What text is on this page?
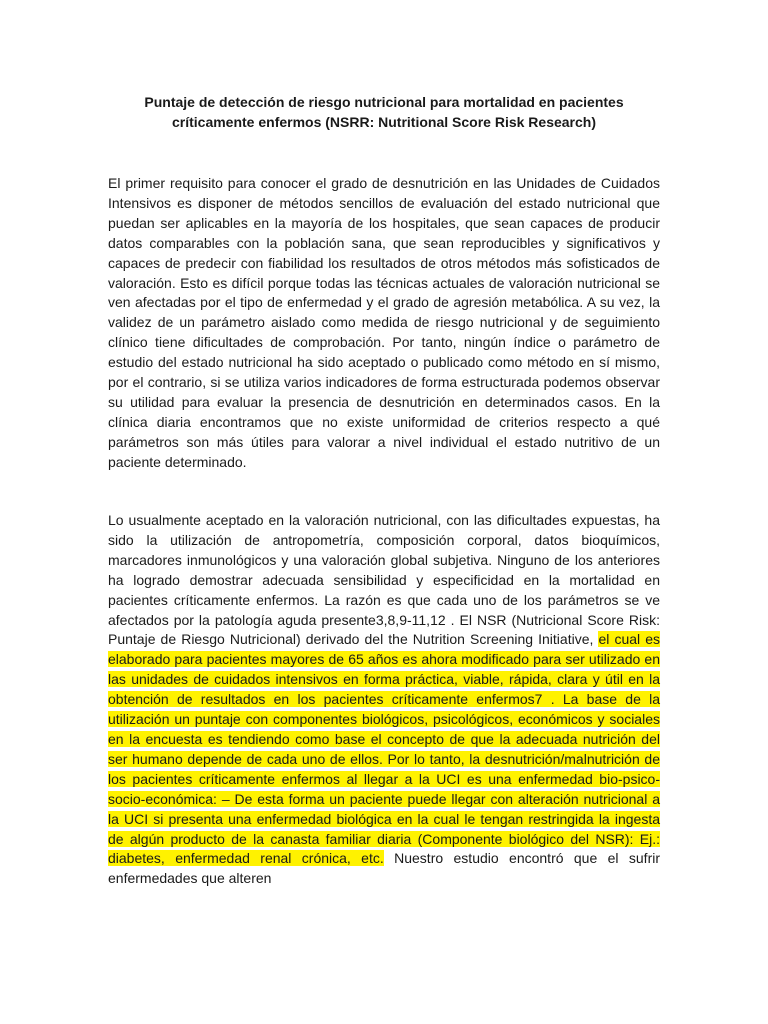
Puntaje de detección de riesgo nutricional para mortalidad en pacientes críticamente enfermos (NSRR: Nutritional Score Risk Research)

El primer requisito para conocer el grado de desnutrición en las Unidades de Cuidados Intensivos es disponer de métodos sencillos de evaluación del estado nutricional que puedan ser aplicables en la mayoría de los hospitales, que sean capaces de producir datos comparables con la población sana, que sean reproducibles y significativos y capaces de predecir con fiabilidad los resultados de otros métodos más sofisticados de valoración. Esto es difícil porque todas las técnicas actuales de valoración nutricional se ven afectadas por el tipo de enfermedad y el grado de agresión metabólica. A su vez, la validez de un parámetro aislado como medida de riesgo nutricional y de seguimiento clínico tiene dificultades de comprobación. Por tanto, ningún índice o parámetro de estudio del estado nutricional ha sido aceptado o publicado como método en sí mismo, por el contrario, si se utiliza varios indicadores de forma estructurada podemos observar su utilidad para evaluar la presencia de desnutrición en determinados casos. En la clínica diaria encontramos que no existe uniformidad de criterios respecto a qué parámetros son más útiles para valorar a nivel individual el estado nutritivo de un paciente determinado.

Lo usualmente aceptado en la valoración nutricional, con las dificultades expuestas, ha sido la utilización de antropometría, composición corporal, datos bioquímicos, marcadores inmunológicos y una valoración global subjetiva. Ninguno de los anteriores ha logrado demostrar adecuada sensibilidad y especificidad en la mortalidad en pacientes críticamente enfermos. La razón es que cada uno de los parámetros se ve afectados por la patología aguda presente3,8,9-11,12 . El NSR (Nutricional Score Risk: Puntaje de Riesgo Nutricional) derivado del the Nutrition Screening Initiative, el cual es elaborado para pacientes mayores de 65 años es ahora modificado para ser utilizado en las unidades de cuidados intensivos en forma práctica, viable, rápida, clara y útil en la obtención de resultados en los pacientes críticamente enfermos7 . La base de la utilización un puntaje con componentes biológicos, psicológicos, económicos y sociales en la encuesta es tendiendo como base el concepto de que la adecuada nutrición del ser humano depende de cada uno de ellos. Por lo tanto, la desnutrición/malnutrición de los pacientes críticamente enfermos al llegar a la UCI es una enfermedad bio-psico-socio-económica: – De esta forma un paciente puede llegar con alteración nutricional a la UCI si presenta una enfermedad biológica en la cual le tengan restringida la ingesta de algún producto de la canasta familiar diaria (Componente biológico del NSR): Ej.: diabetes, enfermedad renal crónica, etc. Nuestro estudio encontró que el sufrir enfermedades que alteren
